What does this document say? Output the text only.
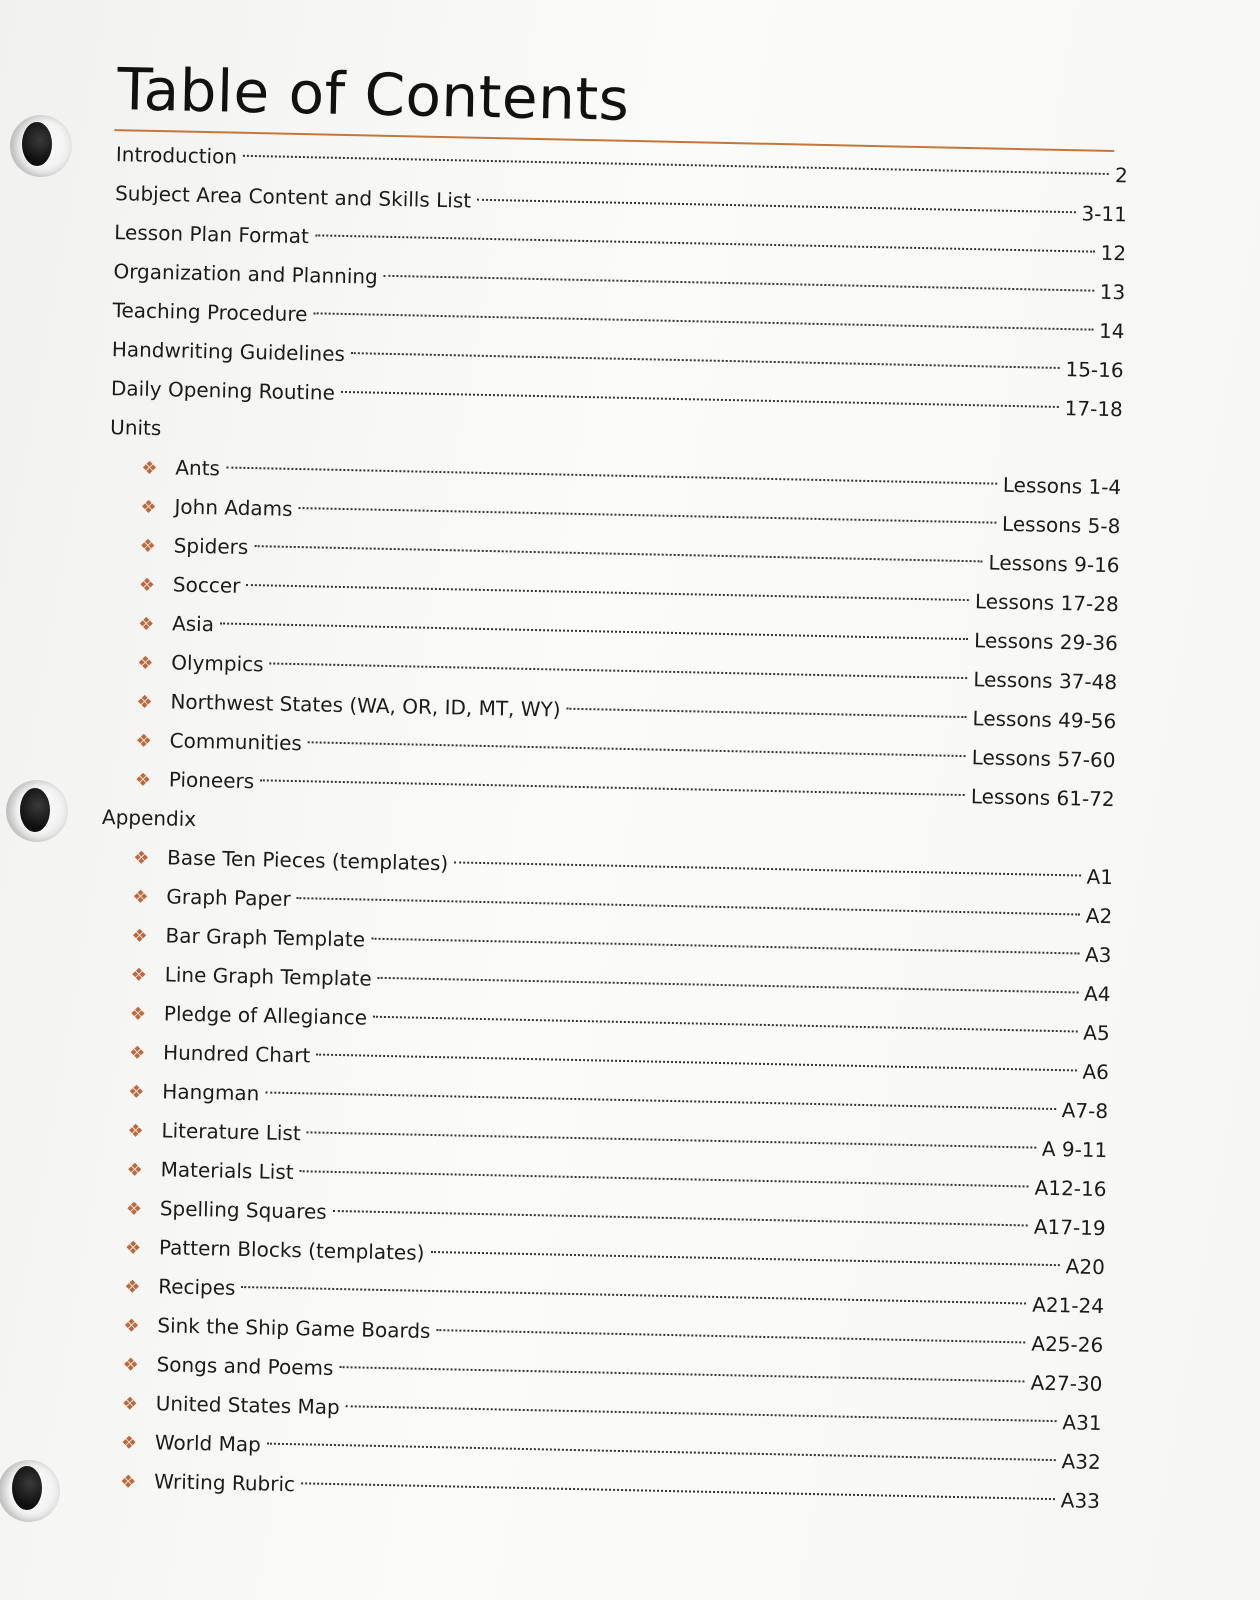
Table of Contents
Introduction
2
Subject Area Content and Skills List
3-11
Lesson Plan Format
12
Organization and Planning
13
Teaching Procedure
14
Handwriting Guidelines
15-16
Daily Opening Routine
17-18
Units
❖ Ants
Lessons 1-4
❖ John Adams
Lessons 5-8
❖ Spiders
Lessons 9-16
❖ Soccer
Lessons 17-28
❖ Asia
Lessons 29-36
❖ Olympics
Lessons 37-48
❖ Northwest States (WA, OR, ID, MT, WY)	Lessons 49-56
❖ Communities
Lessons 57-60
❖ Pioneers
Lessons 61-72
Appendix
❖ Base Ten Pieces (templates)
A1
❖ Graph Paper
A2
❖ Bar Graph Template
A3
❖ Line Graph Template
A4
❖ Pledge of Allegiance
A5
❖ Hundred Chart
A6
❖ Hangman
A7-8
❖ Literature List
A 9-11
❖ Materials List
A12-16
❖ Spelling Squares
A17-19
❖ Pattern Blocks (templates)
A20
❖ Recipes
A21-24
❖ Sink the Ship Game Boards
A25-26
❖ Songs and Poems
A27-30
❖ United States Map
A31
❖ World Map
A32
❖ Writing Rubric
A33
